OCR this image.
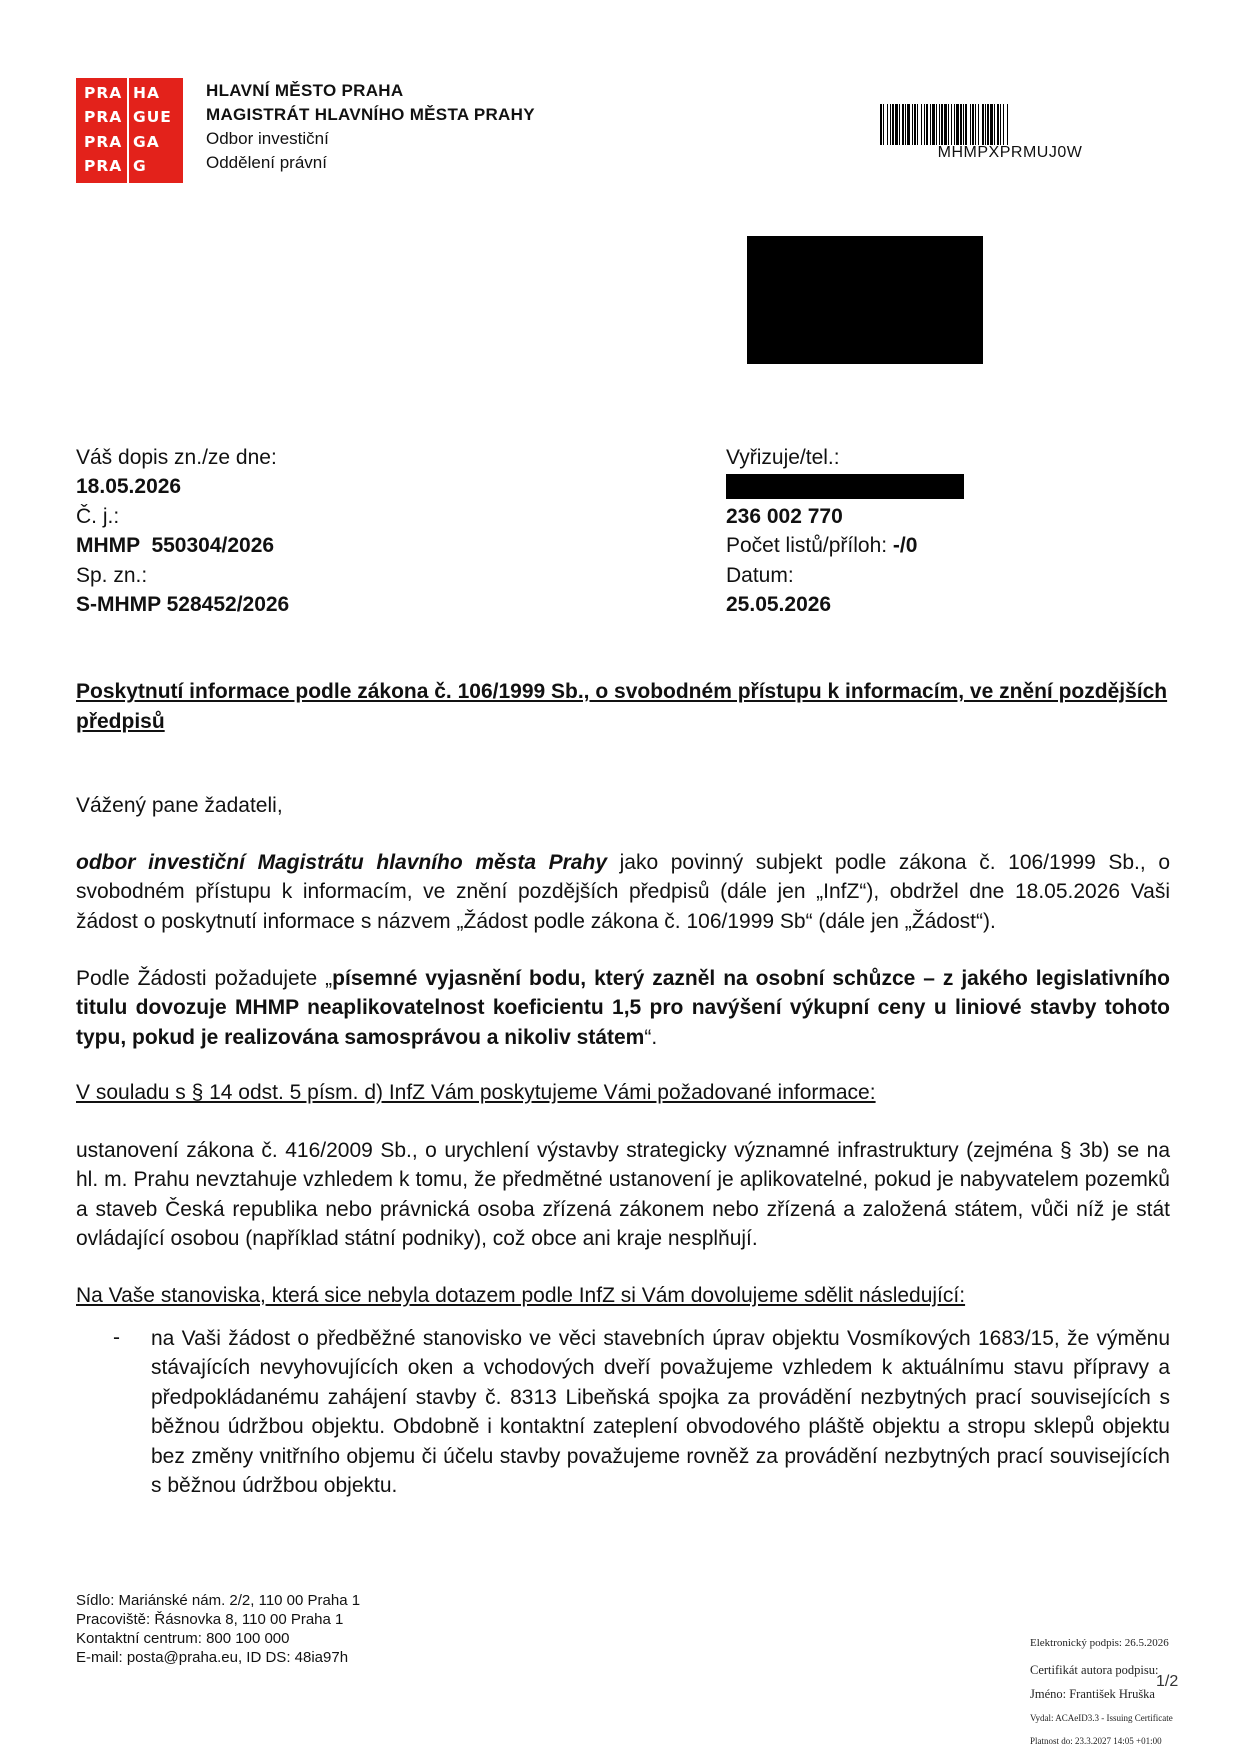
PRA HA
PRA GUE
PRA GA
PRA G
HLAVNÍ MĚSTO PRAHA
MAGISTRÁT HLAVNÍHO MĚSTA PRAHY
Odbor investiční
Oddělení právní
MHMPXPRMUJ0W
Váš dopis zn./ze dne:
18.05.2026
Č. j.:
MHMP  550304/2026
Sp. zn.:
S-MHMP 528452/2026
Vyřizuje/tel.:
236 002 770
Počet listů/příloh: -/0
Datum:
25.05.2026
Poskytnutí informace podle zákona č. 106/1999 Sb., o svobodném přístupu k informacím, ve znění pozdějších předpisů
Vážený pane žadateli,
odbor investiční Magistrátu hlavního města Prahy jako povinný subjekt podle zákona č. 106/1999 Sb., o svobodném přístupu k informacím, ve znění pozdějších předpisů (dále jen „InfZ“), obdržel dne 18.05.2026 Vaši žádost o poskytnutí informace s názvem „Žádost podle zákona č. 106/1999 Sb“ (dále jen „Žádost“).
Podle Žádosti požadujete „písemné vyjasnění bodu, který zazněl na osobní schůzce – z jakého legislativního titulu dovozuje MHMP neaplikovatelnost koeficientu 1,5 pro navýšení výkupní ceny u liniové stavby tohoto typu, pokud je realizována samosprávou a nikoliv státem“.
V souladu s § 14 odst. 5 písm. d) InfZ Vám poskytujeme Vámi požadované informace:
ustanovení zákona č. 416/2009 Sb., o urychlení výstavby strategicky významné infrastruktury (zejména § 3b) se na hl. m. Prahu nevztahuje vzhledem k tomu, že předmětné ustanovení je aplikovatelné, pokud je nabyvatelem pozemků a staveb Česká republika nebo právnická osoba zřízená zákonem nebo zřízená a založená státem, vůči níž je stát ovládající osobou (například státní podniky), což obce ani kraje nesplňují.
Na Vaše stanoviska, která sice nebyla dotazem podle InfZ si Vám dovolujeme sdělit následující:
- na Vaši žádost o předběžné stanovisko ve věci stavebních úprav objektu Vosmíkových 1683/15, že výměnu stávajících nevyhovujících oken a vchodových dveří považujeme vzhledem k aktuálnímu stavu přípravy a předpokládanému zahájení stavby č. 8313 Libeňská spojka za provádění nezbytných prací souvisejících s běžnou údržbou objektu. Obdobně i kontaktní zateplení obvodového pláště objektu a stropu sklepů objektu bez změny vnitřního objemu či účelu stavby považujeme rovněž za provádění nezbytných prací souvisejících s běžnou údržbou objektu.
Sídlo: Mariánské nám. 2/2, 110 00 Praha 1
Pracoviště: Řásnovka 8, 110 00 Praha 1
Kontaktní centrum: 800 100 000
E-mail: posta@praha.eu, ID DS: 48ia97h
Elektronický podpis: 26.5.2026
Certifikát autora podpisu:
Jméno: František Hruška
Vydal: ACAeID3.3 - Issuing Certificate
Platnost do: 23.3.2027 14:05 +01:00
1/2
